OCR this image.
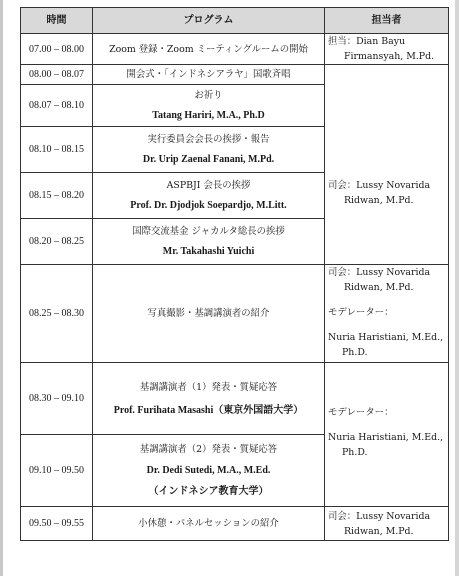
時間	プログラム	担当者
07.00 – 08.00	Zoom 登録・Zoom ミーティングルームの開始	担当：Dian Bayu
Firmansyah, M.Pd.

08.00 – 08.07	開会式・「インドネシアラヤ」国歌斉唱	司会：Lussy Novarida
Ridwan, M.Pd.

08.07 – 08.10	お祈り
Tatang Hariri, M.A., Ph.D	

08.10 – 08.15	実行委員会会長の挨拶・報告
Dr. Urip Zaenal Fanani, M.Pd.	

08.15 – 08.20	ASPBJI 会長の挨拶
Prof. Dr. Djodjok Soepardjo, M.Litt.	

08.20 – 08.25	国際交流基金 ジャカルタ総長の挨拶
Mr. Takahashi Yuichi	

08.25 – 08.30	写真撮影・基調講演者の紹介	司会：Lussy Novarida
Ridwan, M.Pd.
モデレーター：
Nuria Haristiani, M.Ed.,
Ph.D.

08.30 – 09.10	基調講演者（1）発表・質疑応答
Prof. Furihata Masashi（東京外国語大学）	モデレーター：
Nuria Haristiani, M.Ed.,
Ph.D.

09.10 – 09.50	基調講演者（2）発表・質疑応答
Dr. Dedi Sutedi, M.A., M.Ed.
（インドネシア教育大学）	

09.50 – 09.55	小休憩・パネルセッションの紹介	司会：Lussy Novarida
Ridwan, M.Pd.
